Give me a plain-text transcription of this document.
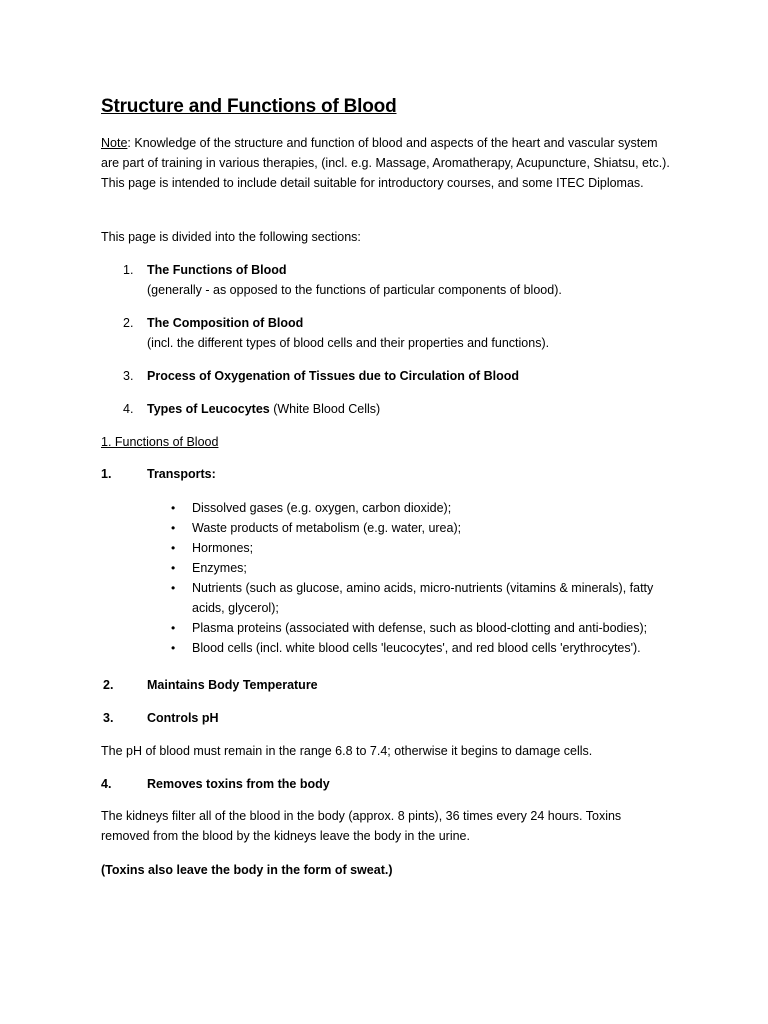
Structure and Functions of Blood
Note: Knowledge of the structure and function of blood and aspects of the heart and vascular system are part of training in various therapies, (incl. e.g. Massage, Aromatherapy, Acupuncture, Shiatsu, etc.). This page is intended to include detail suitable for introductory courses, and some ITEC Diplomas.
This page is divided into the following sections:
1.	The Functions of Blood
(generally - as opposed to the functions of particular components of blood).
2.	The Composition of Blood
(incl. the different types of blood cells and their properties and functions).
3.	Process of Oxygenation of Tissues due to Circulation of Blood
4.	Types of Leucocytes (White Blood Cells)
1. Functions of Blood
1.	Transports:
• Dissolved gases (e.g. oxygen, carbon dioxide);
• Waste products of metabolism (e.g. water, urea);
• Hormones;
• Enzymes;
• Nutrients (such as glucose, amino acids, micro-nutrients (vitamins & minerals), fatty acids, glycerol);
• Plasma proteins (associated with defense, such as blood-clotting and anti-bodies);
• Blood cells (incl. white blood cells 'leucocytes', and red blood cells 'erythrocytes').
2.	Maintains Body Temperature
3.	Controls pH
The pH of blood must remain in the range 6.8 to 7.4; otherwise it begins to damage cells.
4.	Removes toxins from the body
The kidneys filter all of the blood in the body (approx. 8 pints), 36 times every 24 hours. Toxins removed from the blood by the kidneys leave the body in the urine.
(Toxins also leave the body in the form of sweat.)
